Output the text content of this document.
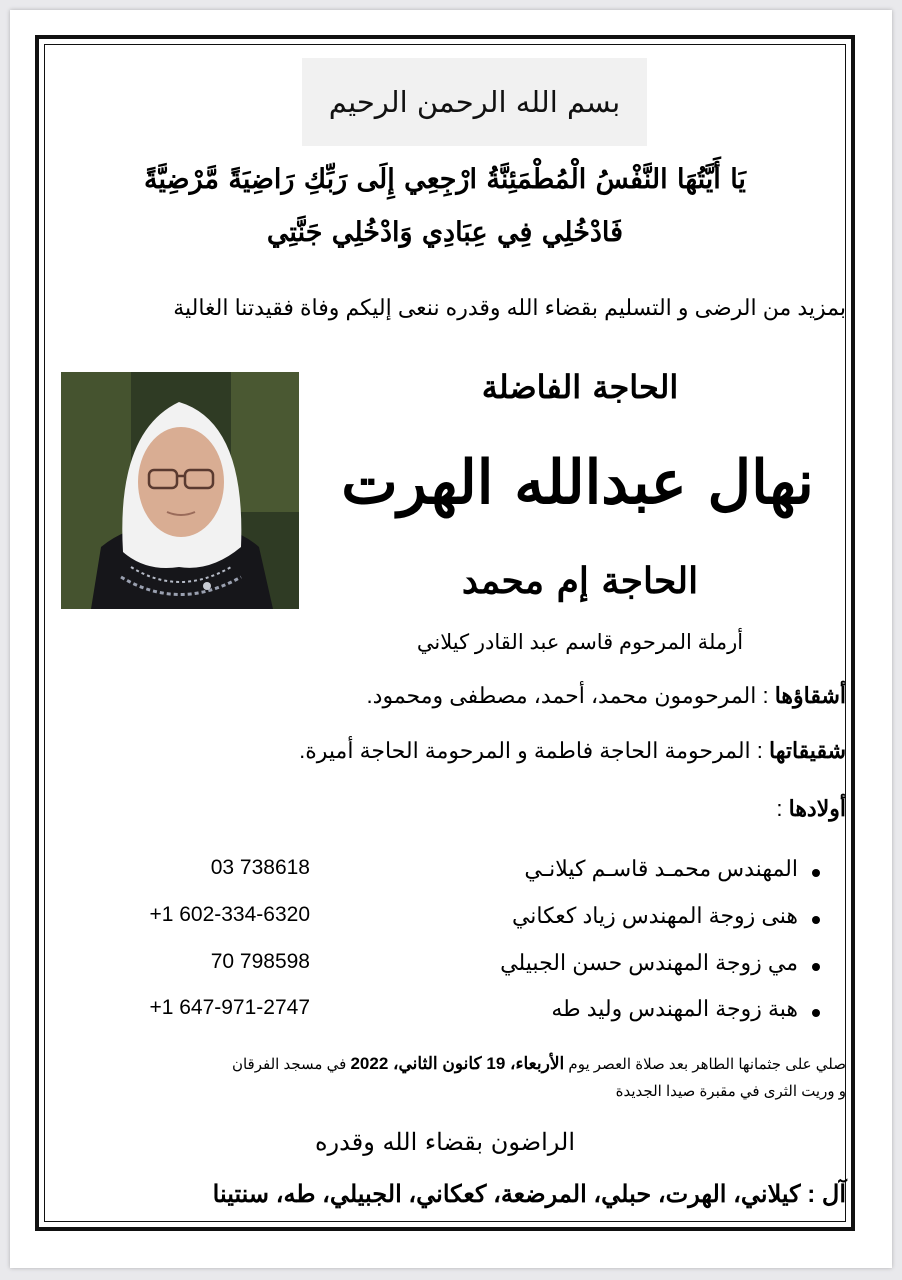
بسم الله الرحمن الرحيم
يَا أَيَّتُهَا النَّفْسُ الْمُطْمَئِنَّةُ ارْجِعِي إِلَى رَبِّكِ رَاضِيَةً مَّرْضِيَّةً
فَادْخُلِي فِي عِبَادِي وَادْخُلِي جَنَّتِي
بمزيد من الرضى و التسليم بقضاء الله وقدره ننعى إليكم وفاة فقيدتنا الغالية
الحاجة الفاضلة
نهال عبدالله الهرت
الحاجة إم محمد
أرملة المرحوم قاسم عبد القادر كيلاني
أشقاؤها : المرحومون محمد، أحمد، مصطفى ومحمود.
شقيقاتها : المرحومة الحاجة فاطمة و المرحومة الحاجة أميرة.
أولادها :
المهندس محمـد قاسـم كيلانـي
03 738618
هنى زوجة المهندس زياد كعكاني
+1 602-334-6320
مي زوجة المهندس حسن الجبيلي
70 798598
هبة زوجة المهندس وليد طه
+1 647-971-2747
صلي على جثمانها الطاهر بعد صلاة العصر يوم الأربعاء، 19 كانون الثاني، 2022 في مسجد الفرقان
و وريت الثرى في مقبرة صيدا الجديدة
الراضون بقضاء الله وقدره
آل : كيلاني، الهرت، حبلي، المرضعة، كعكاني، الجبيلي، طه، سنتينا
